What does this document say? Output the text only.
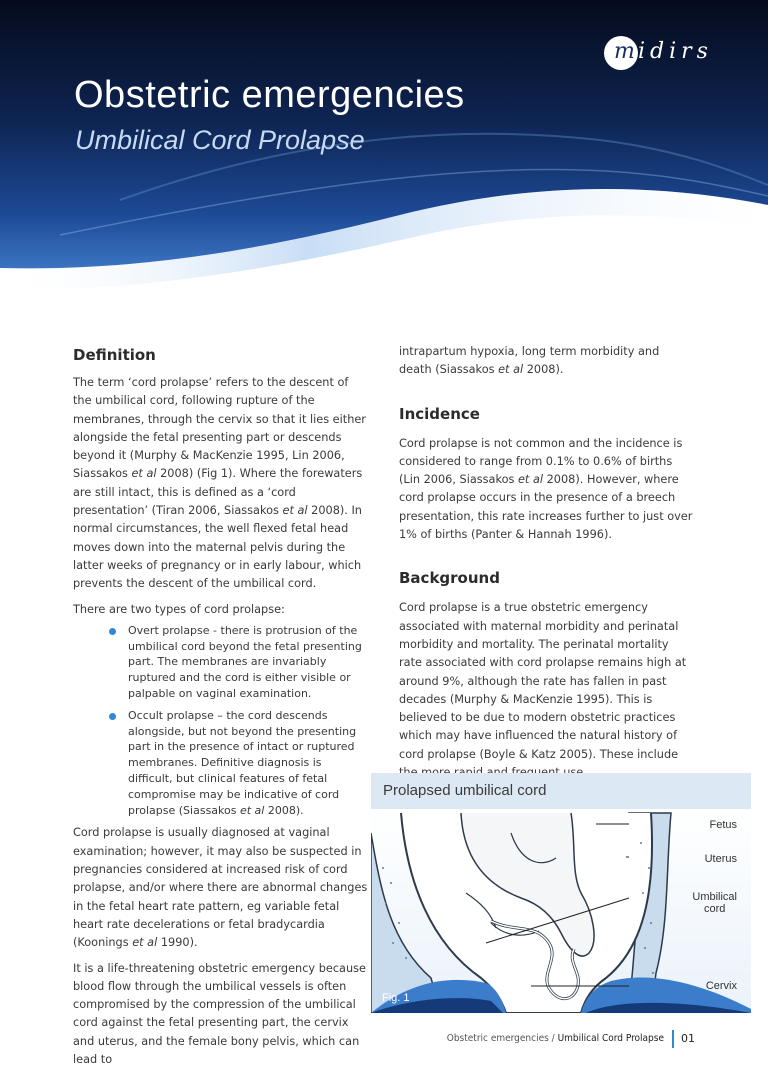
m idirs
Obstetric emergencies
Umbilical Cord Prolapse
Definition

The term ‘cord prolapse’ refers to the descent of the umbilical cord, following rupture of the membranes, through the cervix so that it lies either alongside the fetal presenting part or descends beyond it (Murphy & MacKenzie 1995, Lin 2006, Siassakos et al 2008) (Fig 1). Where the forewaters are still intact, this is defined as a ‘cord presentation’ (Tiran 2006, Siassakos et al 2008). In normal circumstances, the well flexed fetal head moves down into the maternal pelvis during the latter weeks of pregnancy or in early labour, which prevents the descent of the umbilical cord.

There are two types of cord prolapse:

Overt prolapse - there is protrusion of the umbilical cord beyond the fetal presenting part. The membranes are invariably ruptured and the cord is either visible or palpable on vaginal examination.
Occult prolapse – the cord descends alongside, but not beyond the presenting part in the presence of intact or ruptured membranes. Definitive diagnosis is difficult, but clinical features of fetal compromise may be indicative of cord prolapse (Siassakos et al 2008).

Cord prolapse is usually diagnosed at vaginal examination; however, it may also be suspected in pregnancies considered at increased risk of cord prolapse, and/or where there are abnormal changes in the fetal heart rate pattern, eg variable fetal heart rate decelerations or fetal bradycardia (Koonings et al 1990).

It is a life-threatening obstetric emergency because blood flow through the umbilical vessels is often compromised by the compression of the umbilical cord against the fetal presenting part, the cervix and uterus, and the female bony pelvis, which can lead to

intrapartum hypoxia, long term morbidity and death (Siassakos et al 2008).

Incidence

Cord prolapse is not common and the incidence is considered to range from 0.1% to 0.6% of births (Lin 2006, Siassakos et al 2008). However, where cord prolapse occurs in the presence of a breech presentation, this rate increases further to just over 1% of births (Panter & Hannah 1996).

Background

Cord prolapse is a true obstetric emergency associated with maternal morbidity and perinatal morbidity and mortality. The perinatal mortality rate associated with cord prolapse remains high at around 9%, although the rate has fallen in past decades (Murphy & MacKenzie 1995). This is believed to be due to modern obstetric practices which may have influenced the natural history of cord prolapse (Boyle & Katz 2005). These include

Prolapsed umbilical cord
Fetus
Uterus
Umbilical
cord
Cervix
Fig. 1
Obstetric emergencies / Umbilical Cord Prolapse 01
